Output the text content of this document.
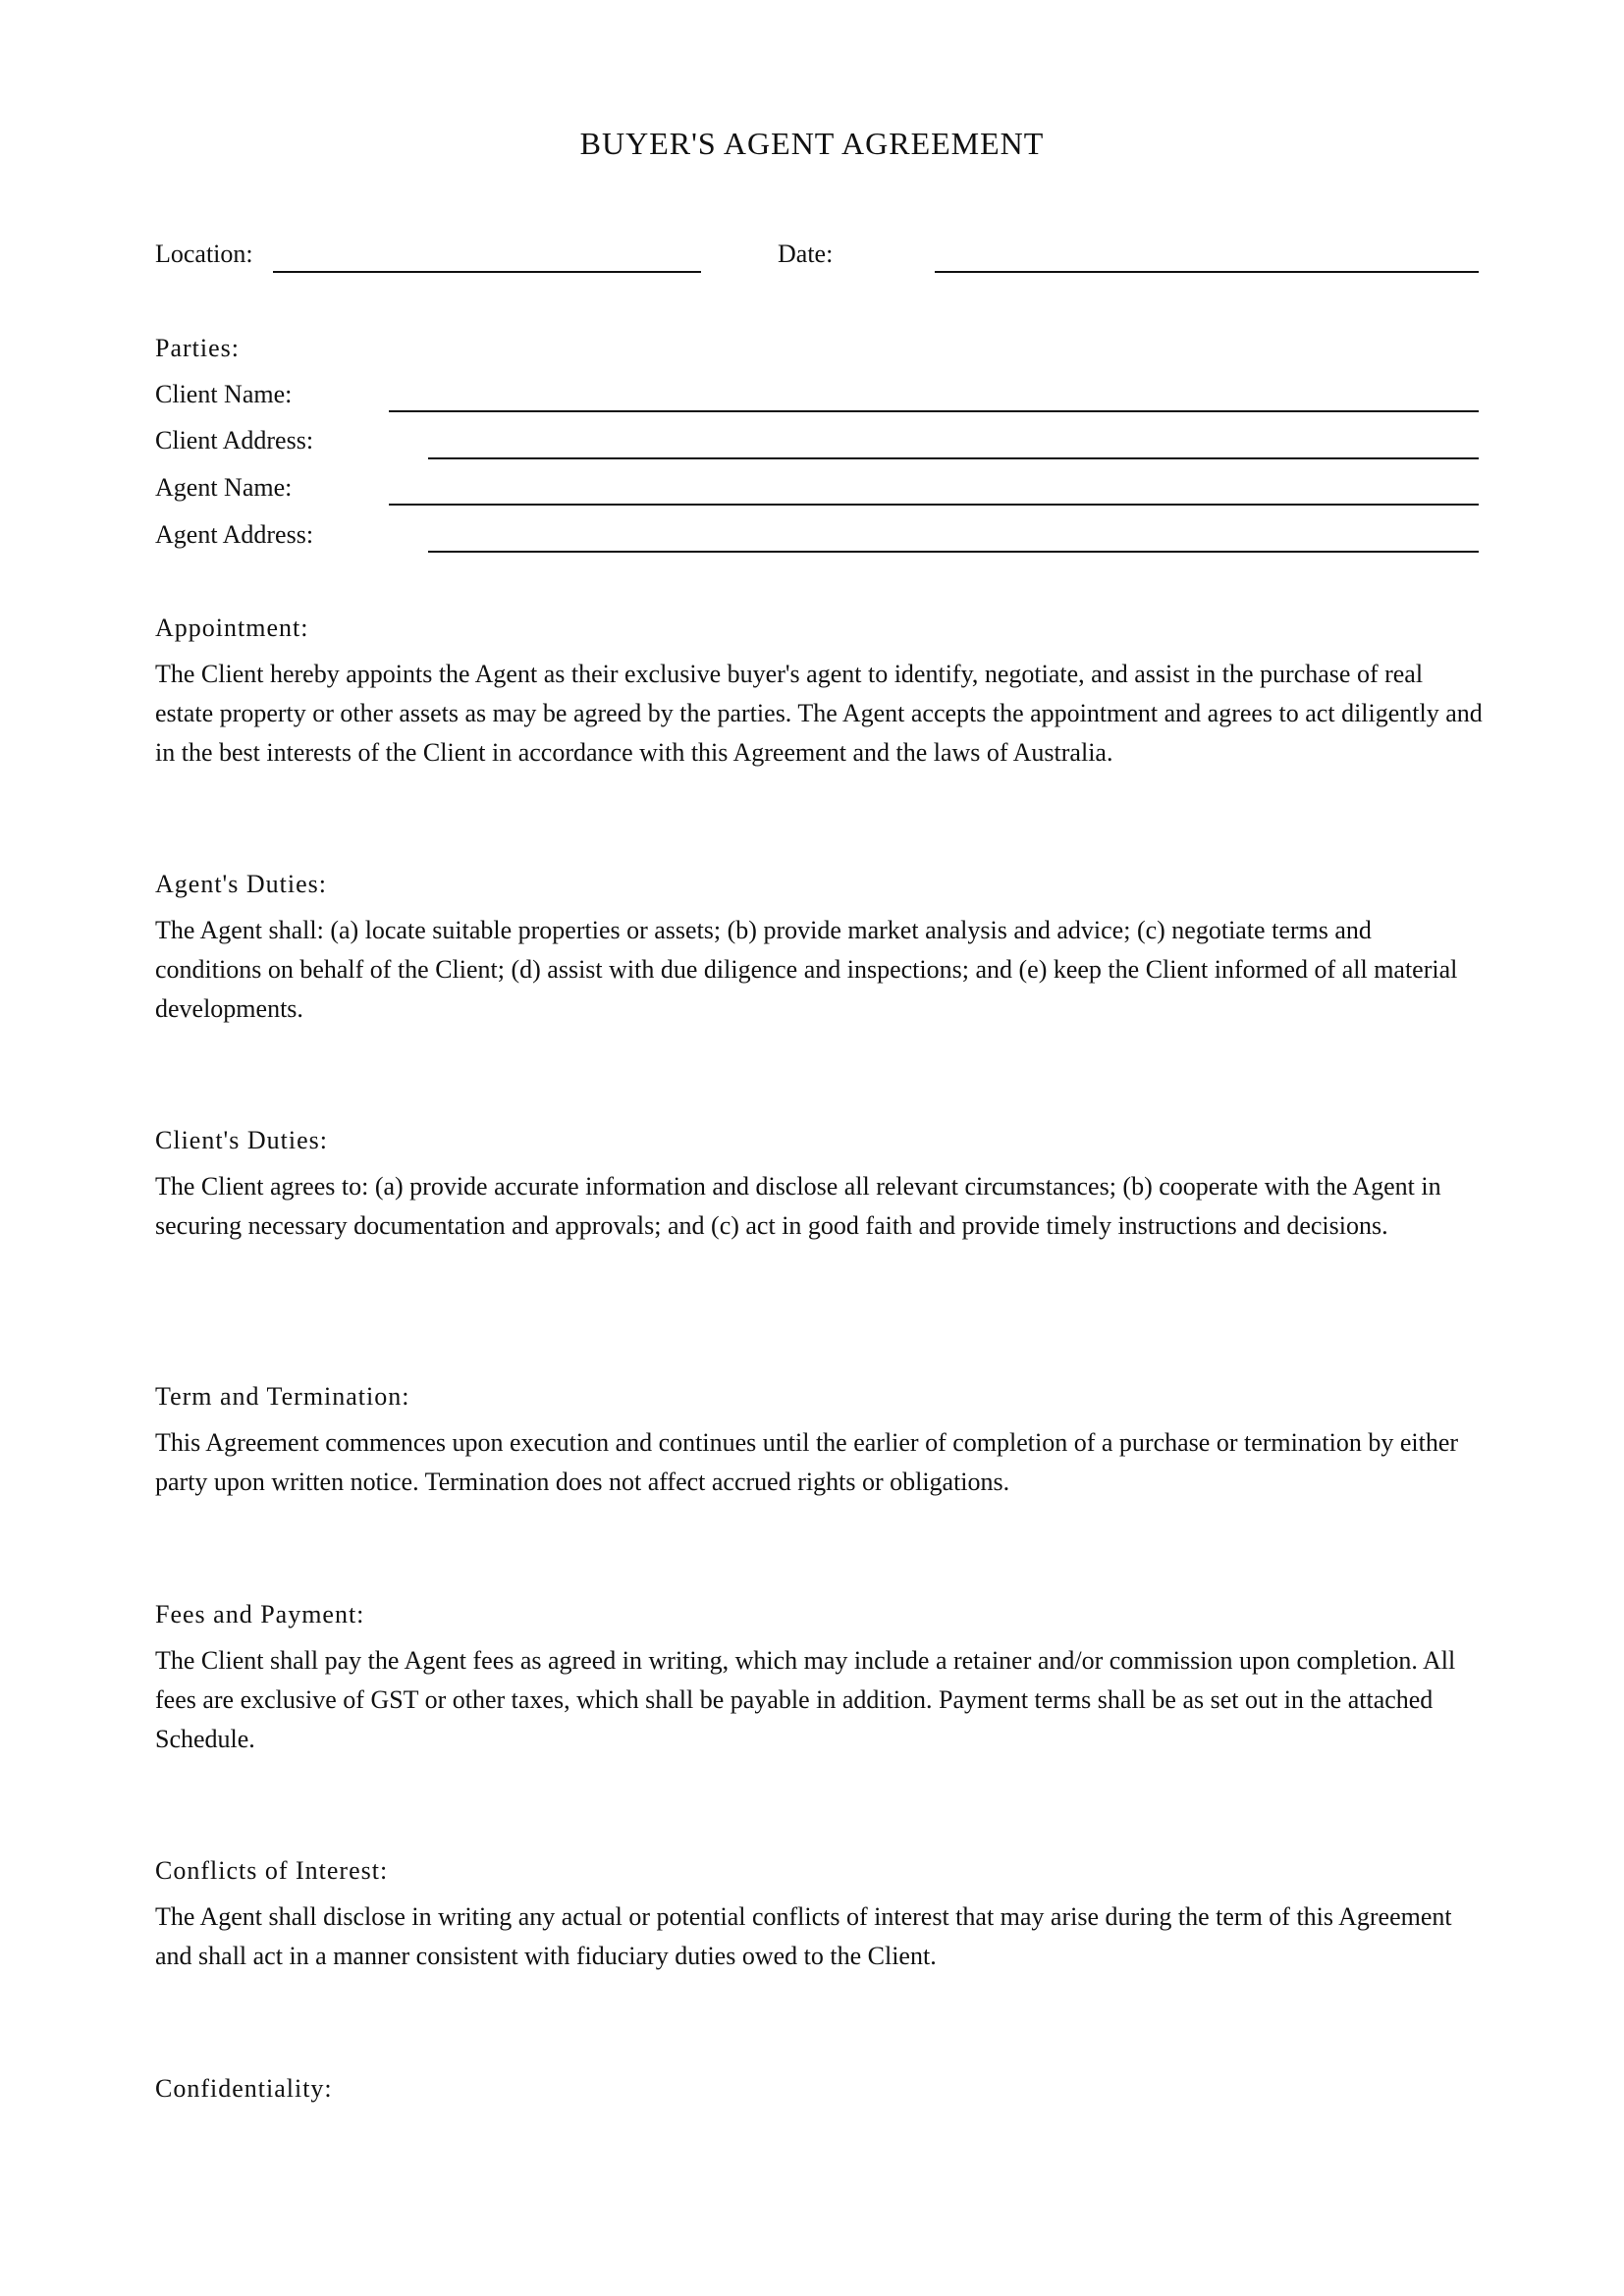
BUYER'S AGENT AGREEMENT
Location:	Date:
Parties:
Client Name:
Client Address:
Agent Name:
Agent Address:
Appointment:

The Client hereby appoints the Agent as their exclusive buyer's agent to identify, negotiate, and assist in the purchase of real estate property or other assets as may be agreed by the parties. The Agent accepts the appointment and agrees to act diligently and in the best interests of the Client in accordance with this Agreement and the laws of Australia.

Agent's Duties:

The Agent shall: (a) locate suitable properties or assets; (b) provide market analysis and advice; (c) negotiate terms and conditions on behalf of the Client; (d) assist with due diligence and inspections; and (e) keep the Client informed of all material developments.

Client's Duties:

The Client agrees to: (a) provide accurate information and disclose all relevant circumstances; (b) cooperate with the Agent in securing necessary documentation and approvals; and (c) act in good faith and provide timely instructions and decisions.

Term and Termination:

This Agreement commences upon execution and continues until the earlier of completion of a purchase or termination by either party upon written notice. Termination does not affect accrued rights or obligations.

Fees and Payment:

The Client shall pay the Agent fees as agreed in writing, which may include a retainer and/or commission upon completion. All fees are exclusive of GST or other taxes, which shall be payable in addition. Payment terms shall be as set out in the attached Schedule.

Conflicts of Interest:

The Agent shall disclose in writing any actual or potential conflicts of interest that may arise during the term of this Agreement and shall act in a manner consistent with fiduciary duties owed to the Client.

Confidentiality:
